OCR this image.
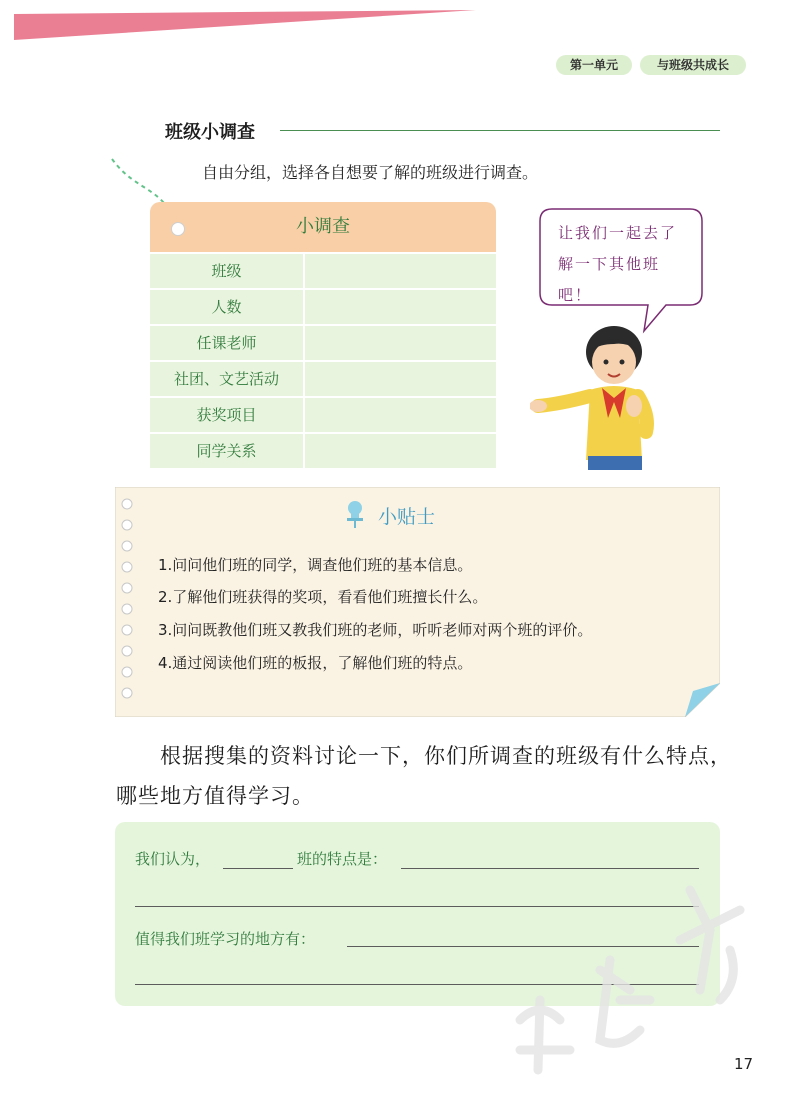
第一单元	与班级共成长
班级小调查
自由分组，选择各自想要了解的班级进行调查。
小调查
班级
人数
任课老师
社团、文艺活动
获奖项目
同学关系
让我们一起去了解一下其他班吧！
小贴士
1.问问他们班的同学，调查他们班的基本信息。
2.了解他们班获得的奖项，看看他们班擅长什么。
3.问问既教他们班又教我们班的老师，听听老师对两个班的评价。
4.通过阅读他们班的板报，了解他们班的特点。
根据搜集的资料讨论一下，你们所调查的班级有什么特点，哪些地方值得学习。
我们认为，	班的特点是：
值得我们班学习的地方有：
17
